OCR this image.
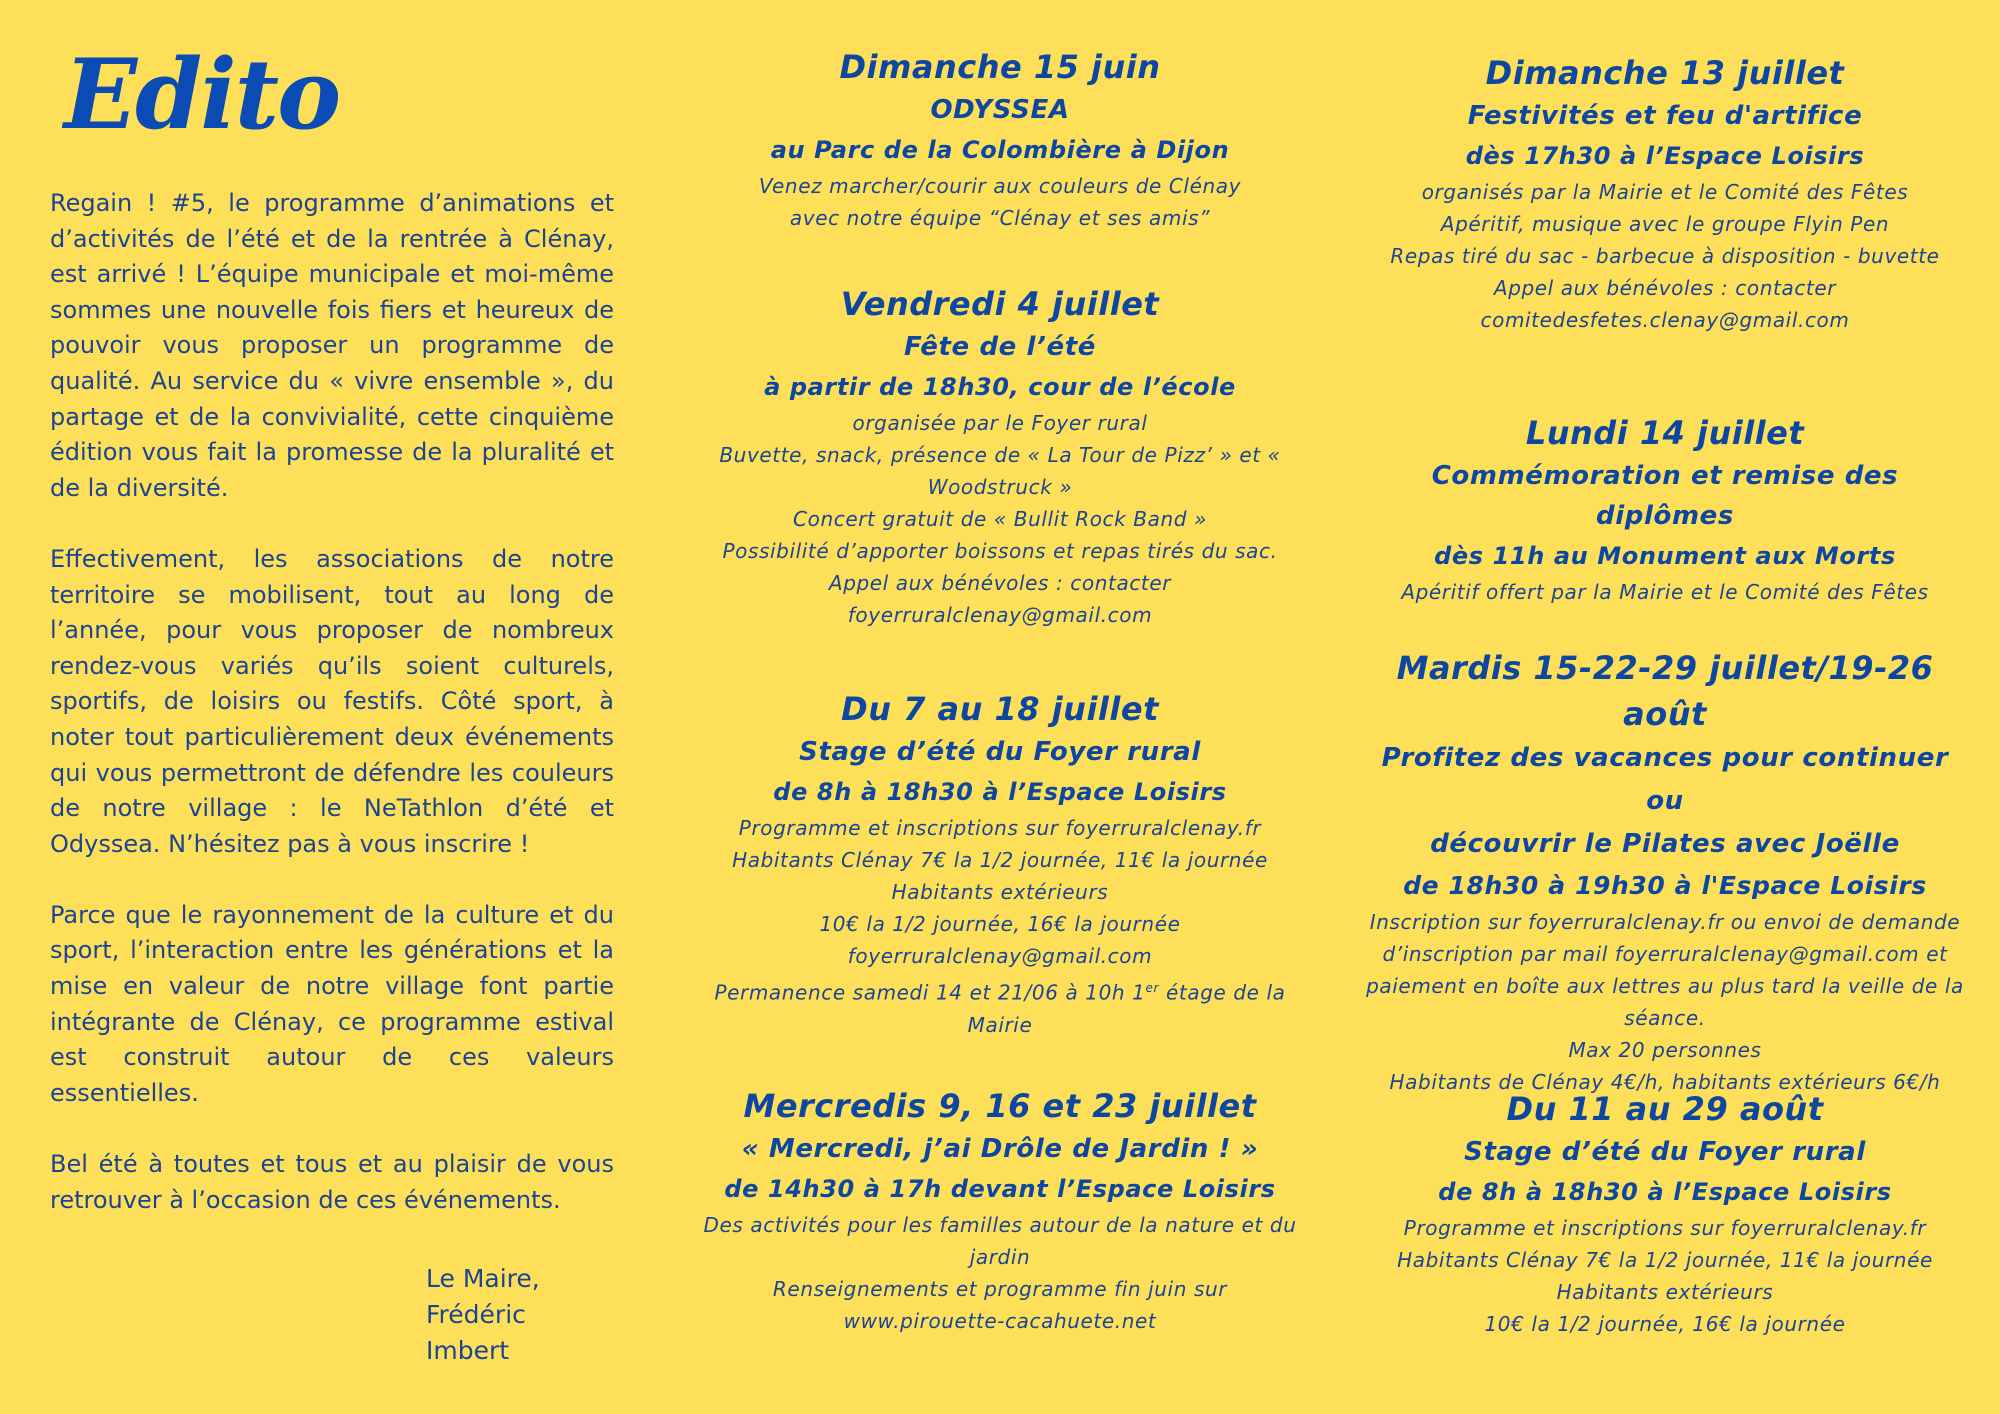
Edito

Regain ! #5, le programme d’animations et d’activités de l’été et de la rentrée à Clénay, est arrivé ! L’équipe municipale et moi-même sommes une nouvelle fois fiers et heureux de pouvoir vous proposer un programme de qualité. Au service du « vivre ensemble », du partage et de la convivialité, cette cinquième édition vous fait la promesse de la pluralité et de la diversité.

Effectivement, les associations de notre territoire se mobilisent, tout au long de l’année, pour vous proposer de nombreux rendez-vous variés qu’ils soient culturels, sportifs, de loisirs ou festifs. Côté sport, à noter tout particulièrement deux événements qui vous permettront de défendre les couleurs de notre village : le NeTathlon d’été et Odyssea. N’hésitez pas à vous inscrire !

Parce que le rayonnement de la culture et du sport, l’interaction entre les générations et la mise en valeur de notre village font partie intégrante de Clénay, ce programme estival est construit autour de ces valeurs essentielles.

Bel été à toutes et tous et au plaisir de vous retrouver à l’occasion de ces événements.

Le Maire,
Frédéric Imbert
Dimanche 15 juin
ODYSSEA
au Parc de la Colombière à Dijon
Venez marcher/courir aux couleurs de Clénay
avec notre équipe “Clénay et ses amis”
Vendredi 4 juillet
Fête de l’été
à partir de 18h30, cour de l’école
organisée par le Foyer rural
Buvette, snack, présence de « La Tour de Pizz’ » et «
Woodstruck »
Concert gratuit de « Bullit Rock Band »
Possibilité d’apporter boissons et repas tirés du sac.
Appel aux bénévoles : contacter
foyerruralclenay@gmail.com
Du 7 au 18 juillet
Stage d’été du Foyer rural
de 8h à 18h30 à l’Espace Loisirs
Programme et inscriptions sur foyerruralclenay.fr
Habitants Clénay 7€ la 1/2 journée, 11€ la journée
Habitants extérieurs
10€ la 1/2 journée, 16€ la journée
foyerruralclenay@gmail.com
Permanence samedi 14 et 21/06 à 10h 1er étage de la
Mairie
Mercredis 9, 16 et 23 juillet
« Mercredi, j’ai Drôle de Jardin ! »
de 14h30 à 17h devant l’Espace Loisirs
Des activités pour les familles autour de la nature et du
jardin
Renseignements et programme fin juin sur
www.pirouette-cacahuete.net
Dimanche 13 juillet
Festivités et feu d'artifice
dès 17h30 à l’Espace Loisirs
organisés par la Mairie et le Comité des Fêtes
Apéritif, musique avec le groupe Flyin Pen
Repas tiré du sac - barbecue à disposition - buvette
Appel aux bénévoles : contacter
comitedesfetes.clenay@gmail.com
Lundi 14 juillet
Commémoration et remise des diplômes
dès 11h au Monument aux Morts
Apéritif offert par la Mairie et le Comité des Fêtes
Mardis 15-22-29 juillet/19-26 août
Profitez des vacances pour continuer ou
découvrir le Pilates avec Joëlle
de 18h30 à 19h30 à l'Espace Loisirs
Inscription sur foyerruralclenay.fr ou envoi de demande
d’inscription par mail foyerruralclenay@gmail.com et
paiement en boîte aux lettres au plus tard la veille de la
séance.
Max 20 personnes
Habitants de Clénay 4€/h, habitants extérieurs 6€/h
Du 11 au 29 août
Stage d’été du Foyer rural
de 8h à 18h30 à l’Espace Loisirs
Programme et inscriptions sur foyerruralclenay.fr
Habitants Clénay 7€ la 1/2 journée, 11€ la journée
Habitants extérieurs
10€ la 1/2 journée, 16€ la journée
